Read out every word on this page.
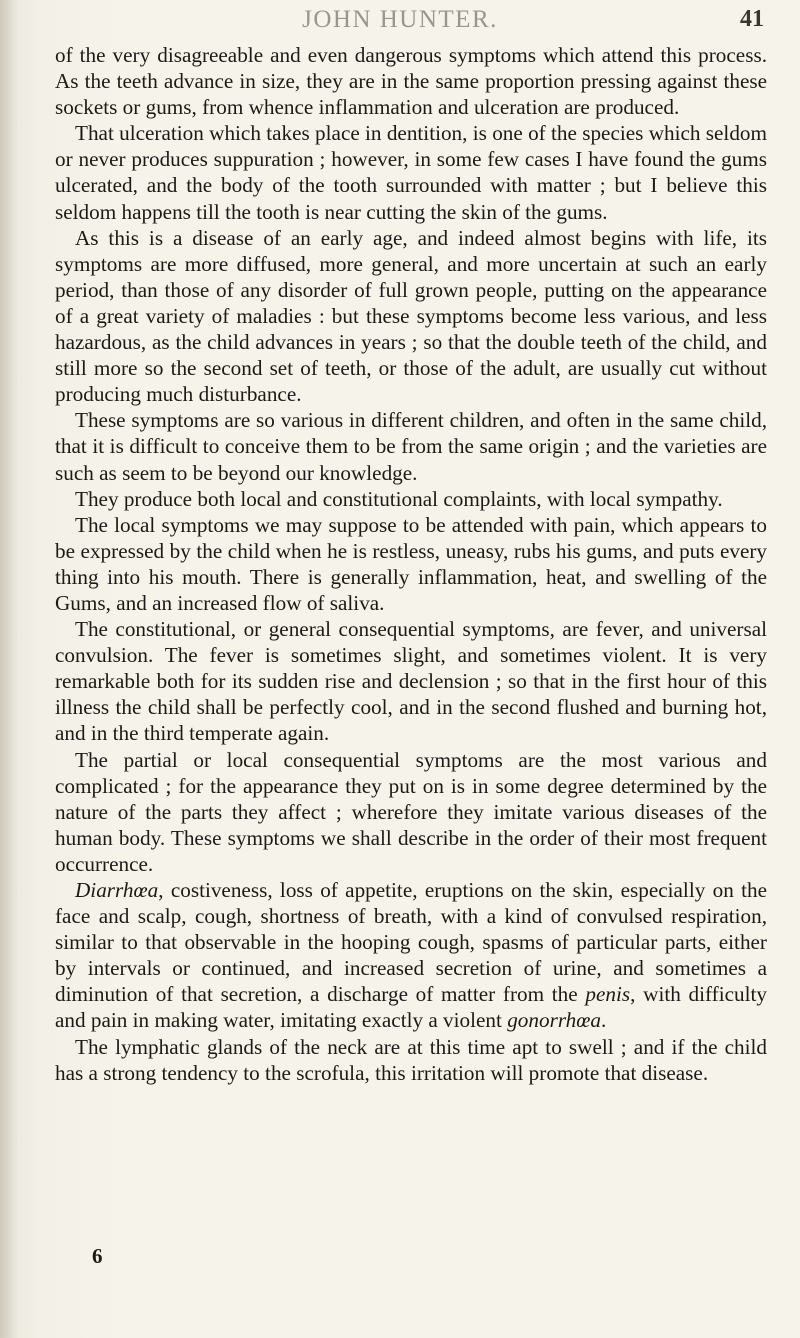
JOHN HUNTER.	41

of the very disagreeable and even dangerous symptoms which attend this process. As the teeth advance in size, they are in the same proportion pressing against these sockets or gums, from whence inflammation and ulceration are produced.

That ulceration which takes place in dentition, is one of the species which seldom or never produces suppuration ; however, in some few cases I have found the gums ulcerated, and the body of the tooth surrounded with matter ; but I believe this seldom happens till the tooth is near cutting the skin of the gums.

As this is a disease of an early age, and indeed almost begins with life, its symptoms are more diffused, more general, and more uncertain at such an early period, than those of any disorder of full grown people, putting on the appearance of a great variety of maladies : but these symptoms become less various, and less hazardous, as the child advances in years ; so that the double teeth of the child, and still more so the second set of teeth, or those of the adult, are usually cut without producing much disturbance.

These symptoms are so various in different children, and often in the same child, that it is difficult to conceive them to be from the same origin ; and the varieties are such as seem to be beyond our knowledge.

They produce both local and constitutional complaints, with local sympathy.

The local symptoms we may suppose to be attended with pain, which appears to be expressed by the child when he is restless, uneasy, rubs his gums, and puts every thing into his mouth. There is generally inflammation, heat, and swelling of the Gums, and an increased flow of saliva.

The constitutional, or general consequential symptoms, are fever, and universal convulsion. The fever is sometimes slight, and sometimes violent. It is very remarkable both for its sudden rise and declension ; so that in the first hour of this illness the child shall be perfectly cool, and in the second flushed and burning hot, and in the third temperate again.

The partial or local consequential symptoms are the most various and complicated ; for the appearance they put on is in some degree determined by the nature of the parts they affect ; wherefore they imitate various diseases of the human body. These symptoms we shall describe in the order of their most frequent occurrence.

Diarrhœa, costiveness, loss of appetite, eruptions on the skin, especially on the face and scalp, cough, shortness of breath, with a kind of convulsed respiration, similar to that observable in the hooping cough, spasms of particular parts, either by intervals or continued, and increased secretion of urine, and sometimes a diminution of that secretion, a discharge of matter from the penis, with difficulty and pain in making water, imitating exactly a violent gonorrhœa.

The lymphatic glands of the neck are at this time apt to swell ; and if the child has a strong tendency to the scrofula, this irritation will promote that disease.

6
